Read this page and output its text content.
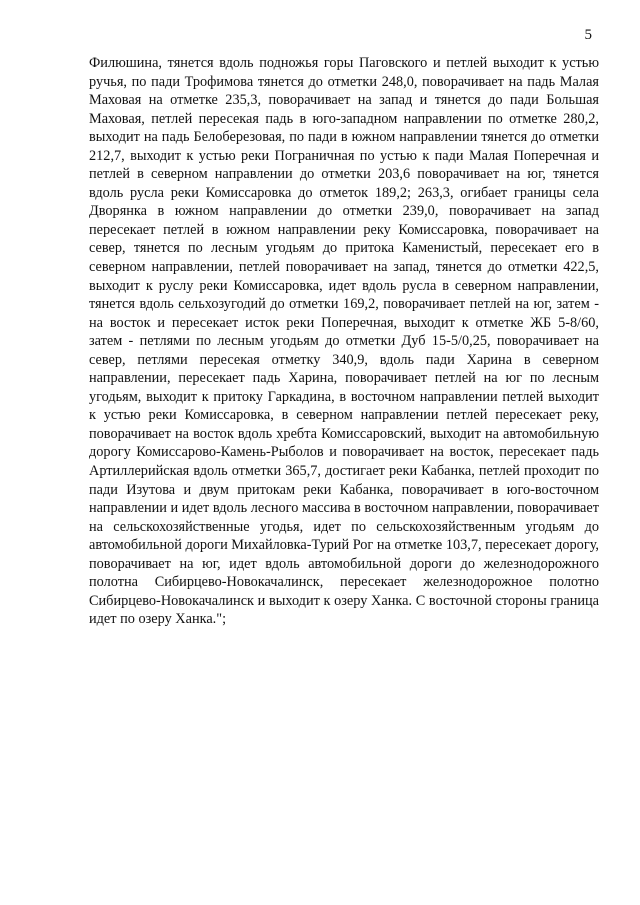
5

Филюшина, тянется вдоль подножья горы Паговского и петлей выходит к устью ручья, по пади Трофимова тянется до отметки 248,0, поворачивает на падь Малая Маховая на отметке 235,3, поворачивает на запад и тянется до пади Большая Маховая, петлей пересекая падь в юго-западном направлении по отметке 280,2, выходит на падь Белоберезовая, по пади в южном направлении тянется до отметки 212,7, выходит к устью реки Пограничная по устью к пади Малая Поперечная и петлей в северном направлении до отметки 203,6 поворачивает на юг, тянется вдоль русла реки Комиссаровка до отметок 189,2; 263,3, огибает границы села Дворянка в южном направлении до отметки 239,0, поворачивает на запад пересекает петлей в южном направлении реку Комиссаровка, поворачивает на север, тянется по лесным угодьям до притока Каменистый, пересекает его в северном направлении, петлей поворачивает на запад, тянется до отметки 422,5, выходит к руслу реки Комиссаровка, идет вдоль русла в северном направлении, тянется вдоль сельхозугодий до отметки 169,2, поворачивает петлей на юг, затем - на восток и пересекает исток реки Поперечная, выходит к отметке ЖБ 5-8/60, затем - петлями по лесным угодьям до отметки Дуб 15-5/0,25, поворачивает на север, петлями пересекая отметку 340,9, вдоль пади Харина в северном направлении, пересекает падь Харина, поворачивает петлей на юг по лесным угодьям, выходит к притоку Гаркадина, в восточном направлении петлей выходит к устью реки Комиссаровка, в северном направлении петлей пересекает реку, поворачивает на восток вдоль хребта Комиссаровский, выходит на автомобильную дорогу Комиссарово-Камень-Рыболов и поворачивает на восток, пересекает падь Артиллерийская вдоль отметки 365,7, достигает реки Кабанка, петлей проходит по пади Изутова и двум притокам реки Кабанка, поворачивает в юго-восточном направлении и идет вдоль лесного массива в восточном направлении, поворачивает на сельскохозяйственные угодья, идет по сельскохозяйственным угодьям до автомобильной дороги Михайловка-Турий Рог на отметке 103,7, пересекает дорогу, поворачивает на юг, идет вдоль автомобильной дороги до железнодорожного полотна Сибирцево-Новокачалинск, пересекает железнодорожное полотно Сибирцево-Новокачалинск и выходит к озеру Ханка. С восточной стороны граница идет по озеру Ханка.";
